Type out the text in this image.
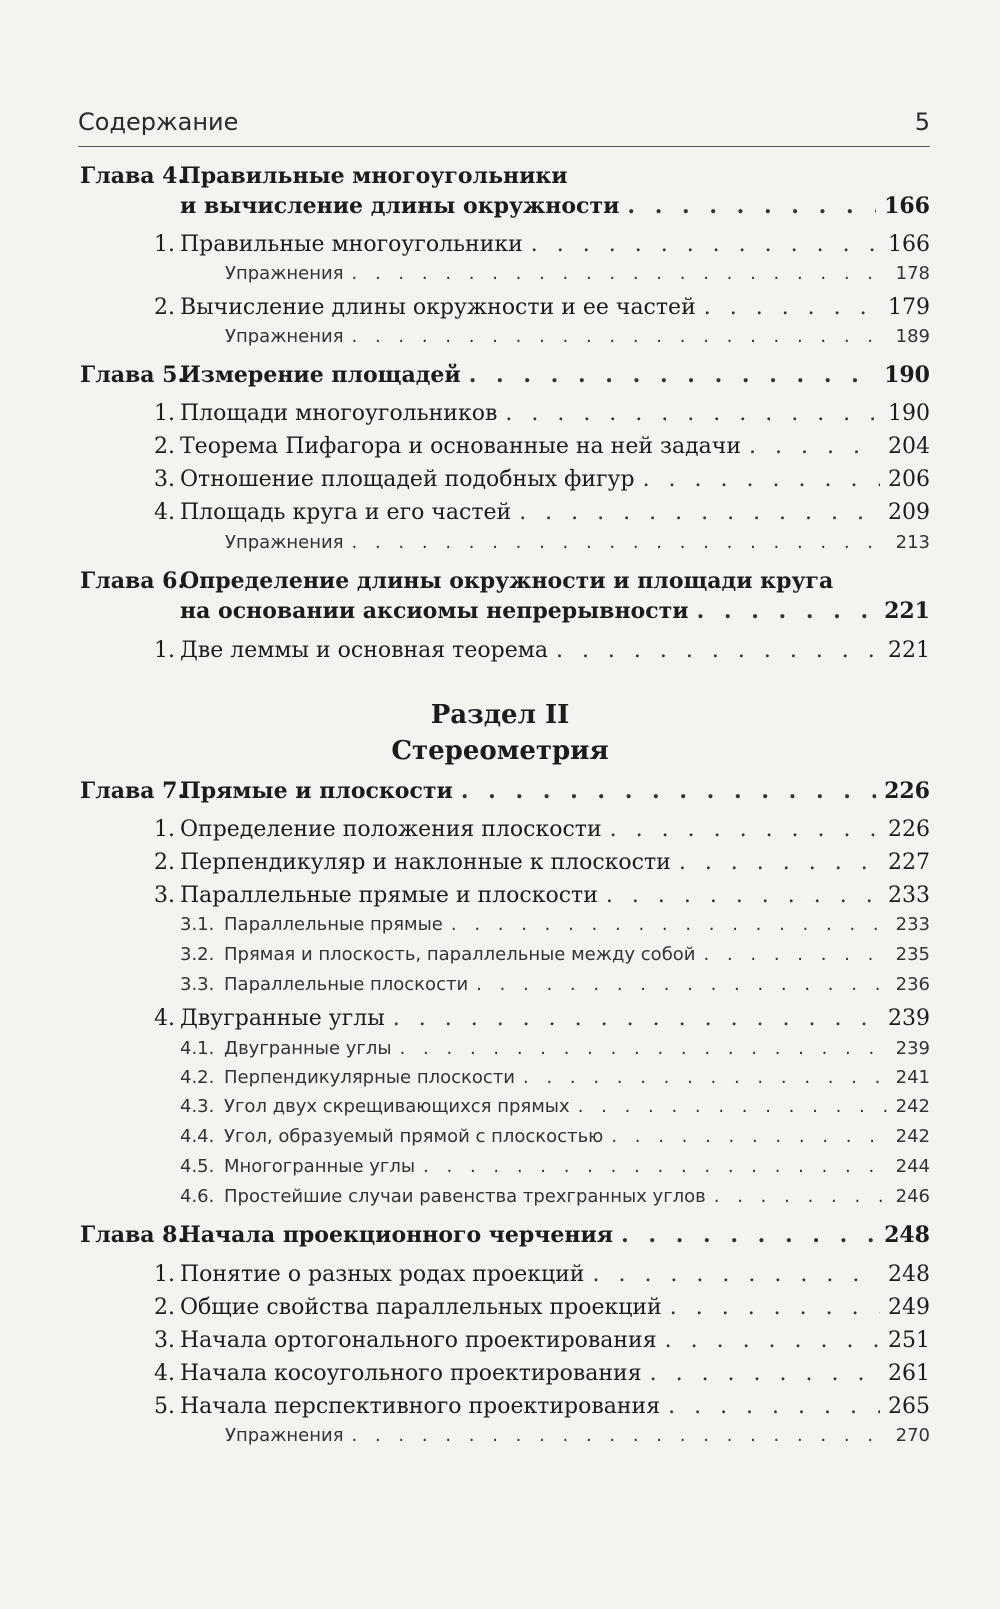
Содержание	5
Раздел II
Стереометрия
Глава 4.
Правильные многоугольники
и вычисление длины окружности . . .	166
1. Правильные многоугольники . . .	166
Упражнения . . .	178
2. Вычисление длины окружности и ее частей . . .	179
Упражнения . . .	189
Глава 5.
Измерение площадей . . .	190
1. Площади многоугольников . . .	190
2. Теорема Пифагора и основанные на ней задачи . . .	204
3. Отношение площадей подобных фигур . . .	206
4. Площадь круга и его частей . . .	209
Упражнения . . .	213
Глава 6.
Определение длины окружности и площади круга
на основании аксиомы непрерывности . . .	221
1. Две леммы и основная теорема . . .	221
Глава 7.
Прямые и плоскости . . .	226
1. Определение положения плоскости . . .	226
2. Перпендикуляр и наклонные к плоскости . . .	227
3. Параллельные прямые и плоскости . . .	233
3.1. Параллельные прямые . . .	233
3.2. Прямая и плоскость, параллельные между собой . . .	235
3.3. Параллельные плоскости . . .	236
4. Двугранные углы . . .	239
4.1. Двугранные углы . . .	239
4.2. Перпендикулярные плоскости . . .	241
4.3. Угол двух скрещивающихся прямых . . .	242
4.4. Угол, образуемый прямой с плоскостью . . .	242
4.5. Многогранные углы . . .	244
4.6. Простейшие случаи равенства трехгранных углов . . .	246
Глава 8.
Начала проекционного черчения . . .	248
1. Понятие о разных родах проекций . . .	248
2. Общие свойства параллельных проекций . . .	249
3. Начала ортогонального проектирования . . .	251
4. Начала косоугольного проектирования . . .	261
5. Начала перспективного проектирования . . .	265
Упражнения . . .	270
